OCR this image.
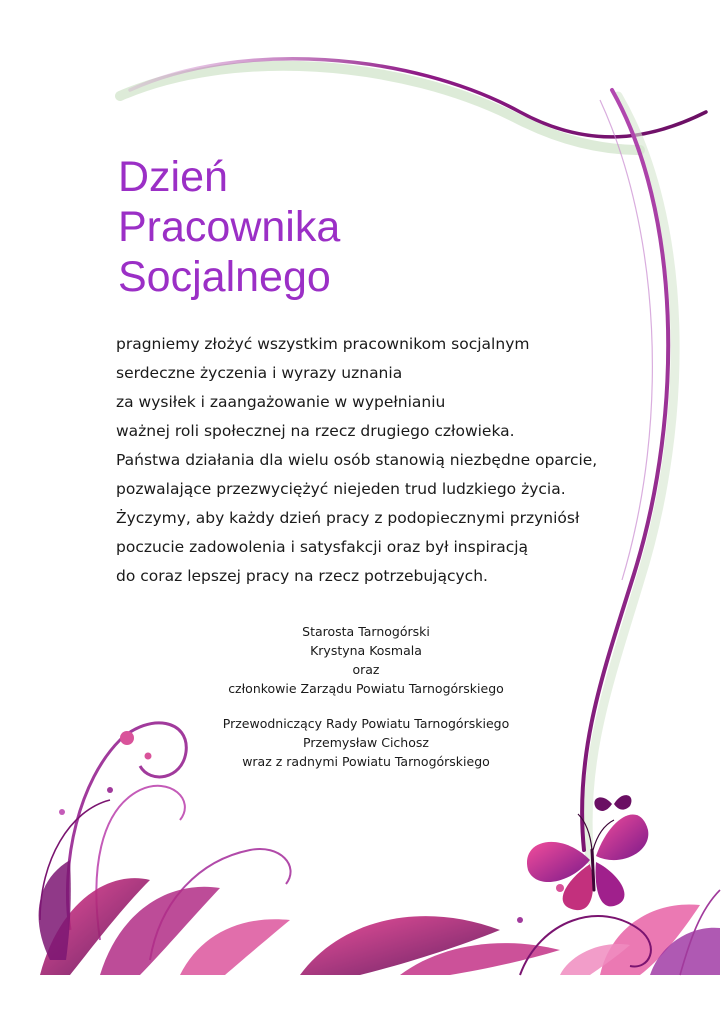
Dzień
Pracownika
Socjalnego

pragniemy złożyć wszystkim pracownikom socjalnym
serdeczne życzenia i wyrazy uznania
za wysiłek i zaangażowanie w wypełnianiu
ważnej roli społecznej na rzecz drugiego człowieka.
Państwa działania dla wielu osób stanowią niezbędne oparcie,
pozwalające przezwyciężyć niejeden trud ludzkiego życia.
Życzymy, aby każdy dzień pracy z podopiecznymi przyniósł
poczucie zadowolenia i satysfakcji oraz był inspiracją
do coraz lepszej pracy na rzecz potrzebujących.

Starosta Tarnogórski
Krystyna Kosmala
oraz
członkowie Zarządu Powiatu Tarnogórskiego

Przewodniczący Rady Powiatu Tarnogórskiego
Przemysław Cichosz
wraz z radnymi Powiatu Tarnogórskiego
